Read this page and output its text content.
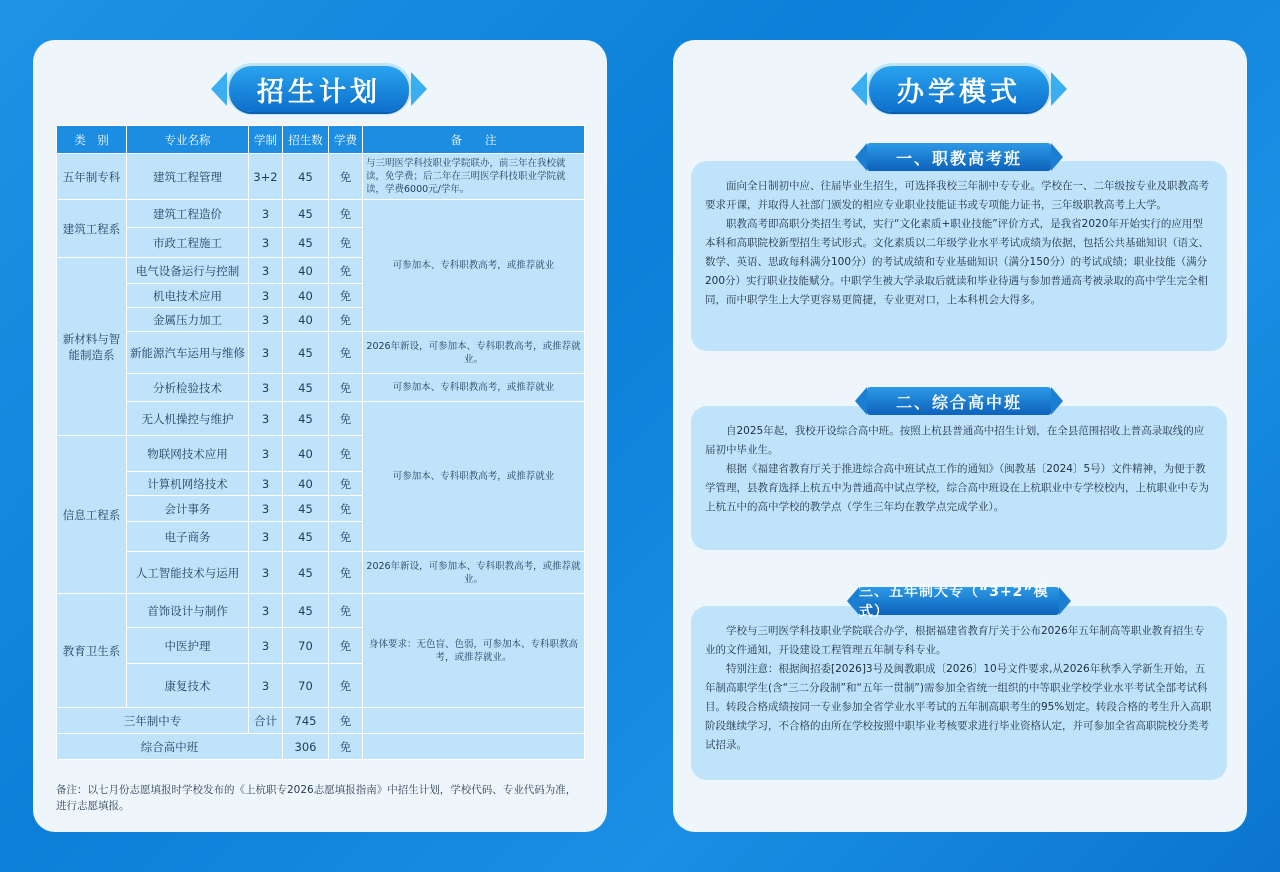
招生计划
类　别	专业名称	学制	招生数	学费	备　　注
五年制专科	建筑工程管理	3+2	45	免	与三明医学科技职业学院联办，前三年在我校就读，免学费；后二年在三明医学科技职业学院就读，学费6000元/学年。
建筑工程系	建筑工程造价	3	45	免	可参加本、专科职教高考，或推荐就业
	市政工程施工	3	45	免	
新材料与智能制造系	电气设备运行与控制	3	40	免	
	机电技术应用	3	40	免	
	金属压力加工	3	40	免	
	新能源汽车运用与维修	3	45	免	2026年新设，可参加本、专科职教高考，或推荐就业。
	分析检验技术	3	45	免	可参加本、专科职教高考，或推荐就业
	无人机操控与维护	3	45	免	可参加本、专科职教高考，或推荐就业
信息工程系	物联网技术应用	3	40	免	
	计算机网络技术	3	40	免	
	会计事务	3	45	免	
	电子商务	3	45	免	
	人工智能技术与运用	3	45	免	2026年新设，可参加本、专科职教高考，或推荐就业。
教育卫生系	首饰设计与制作	3	45	免	身体要求：无色盲、色弱，可参加本、专科职教高考，或推荐就业。
	中医护理	3	70	免	
	康复技术	3	70	免	
三年制中专		合计	745	免	
综合高中班			306	免	
备注：以七月份志愿填报时学校发布的《上杭职专2026志愿填报指南》中招生计划，学校代码、专业代码为准，进行志愿填报。
办学模式

面向全日制初中应、往届毕业生招生，可选择我校三年制中专专业。学校在一、二年级按专业及职教高考要求开课，并取得人社部门颁发的相应专业职业技能证书或专项能力证书，三年级职教高考上大学。

职教高考即高职分类招生考试，实行“文化素质+职业技能”评价方式，是我省2020年开始实行的应用型本科和高职院校新型招生考试形式。文化素质以二年级学业水平考试成绩为依据，包括公共基础知识（语文、数学、英语、思政每科满分100分）的考试成绩和专业基础知识（满分150分）的考试成绩；职业技能（满分200分）实行职业技能赋分。中职学生被大学录取后就读和毕业待遇与参加普通高考被录取的高中学生完全相同，而中职学生上大学更容易更简捷，专业更对口，上本科机会大得多。

一、职教高考班

自2025年起，我校开设综合高中班。按照上杭县普通高中招生计划，在全县范围招收上普高录取线的应届初中毕业生。

根据《福建省教育厅关于推进综合高中班试点工作的通知》（闽教基〔2024〕5号）文件精神，为便于教学管理，县教育选择上杭五中为普通高中试点学校，综合高中班设在上杭职业中专学校校内，上杭职业中专为上杭五中的高中学校的教学点（学生三年均在教学点完成学业）。

二、综合高中班

学校与三明医学科技职业学院联合办学，根据福建省教育厅关于公布2026年五年制高等职业教育招生专业的文件通知，开设建设工程管理五年制专科专业。

特别注意：根据闽招委[2026]3号及闽教职成〔2026〕10号文件要求,从2026年秋季入学新生开始，五年制高职学生(含“三二分段制”和“五年一贯制”)需参加全省统一组织的中等职业学校学业水平考试全部考试科目。转段合格成绩按同一专业参加全省学业水平考试的五年制高职考生的95%划定。转段合格的考生升入高职阶段继续学习，不合格的由所在学校按照中职毕业考核要求进行毕业资格认定，并可参加全省高职院校分类考试招录。

三、五年制大专（“3+2”模式）
